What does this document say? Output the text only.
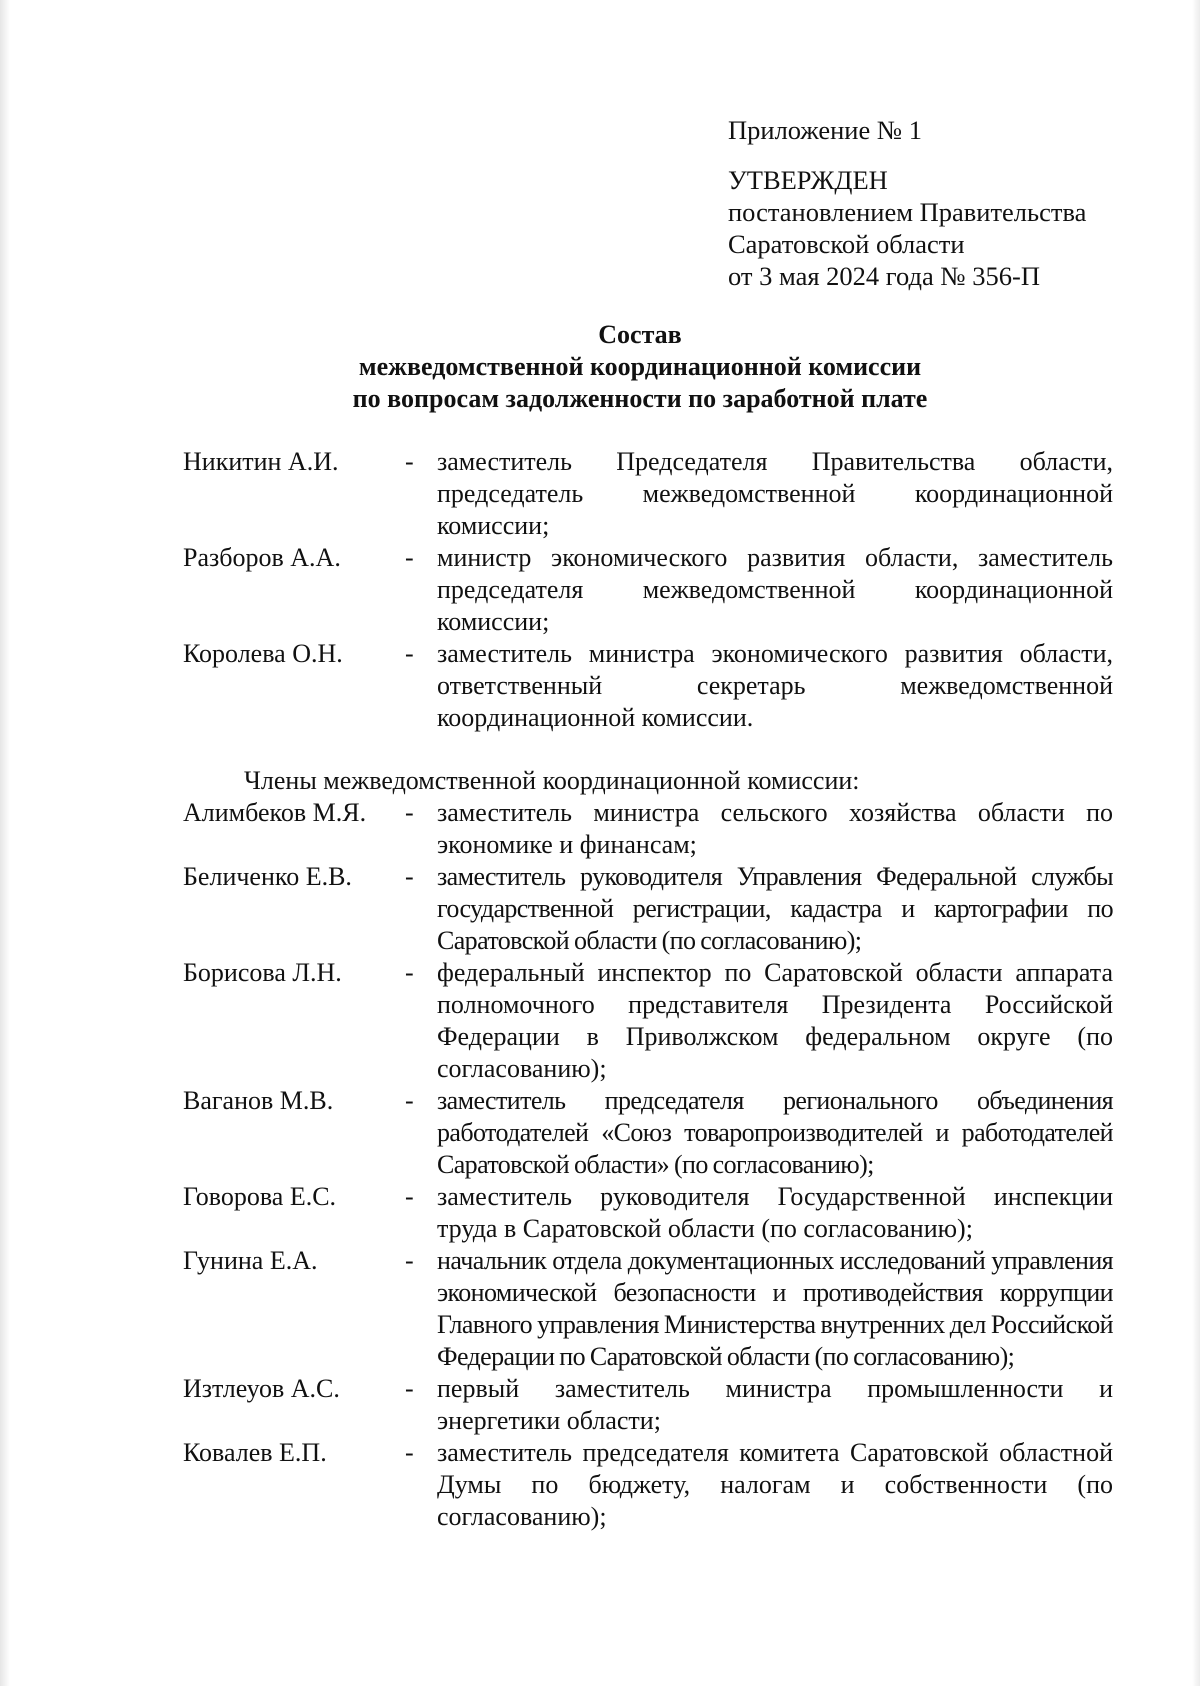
Приложение № 1
УТВЕРЖДЕН
постановлением Правительства
Саратовской области
от 3 мая 2024 года № 356-П
Состав
межведомственной координационной комиссии
по вопросам задолженности по заработной плате
Никитин А.И.	- заместитель Председателя Правительства области, председатель межведомственной координационной комиссии;
Разборов А.А.	- министр экономического развития области, заместитель председателя межведомственной координационной комиссии;
Королева О.Н.	- заместитель министра экономического развития области, ответственный секретарь межведомственной координационной комиссии.
Члены межведомственной координационной комиссии:
Алимбеков М.Я.	- заместитель министра сельского хозяйства области по экономике и финансам;
Беличенко Е.В.	- заместитель руководителя Управления Федеральной службы государственной регистрации, кадастра и картографии по Саратовской области (по согласованию);
Борисова Л.Н.	- федеральный инспектор по Саратовской области аппарата полномочного представителя Президента Российской Федерации в Приволжском федеральном округе (по согласованию);
Ваганов М.В.	- заместитель председателя регионального объединения работодателей «Союз товаропроизводителей и работодателей Саратовской области» (по согласованию);
Говорова Е.С.	- заместитель руководителя Государственной инспекции труда в Саратовской области (по согласованию);
Гунина Е.А.	- начальник отдела документационных исследований управления экономической безопасности и противодействия коррупции Главного управления Министерства внутренних дел Российской Федерации по Саратовской области (по согласованию);
Изтлеуов А.С.	- первый заместитель министра промышленности и энергетики области;
Ковалев Е.П.	- заместитель председателя комитета Саратовской областной Думы по бюджету, налогам и собственности (по согласованию);
